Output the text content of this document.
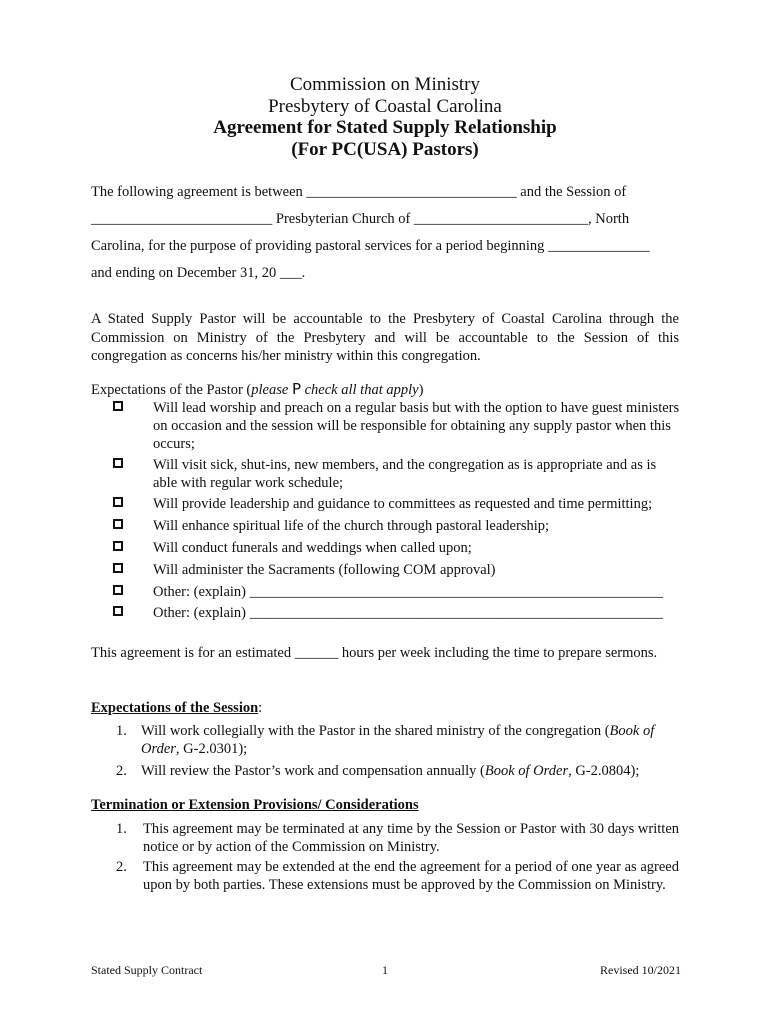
Commission on Ministry
Presbytery of Coastal Carolina
Agreement for Stated Supply Relationship
(For PC(USA) Pastors)
The following agreement is between _____________________________ and the Session of
_________________________ Presbyterian Church of ________________________, North
Carolina, for the purpose of providing pastoral services for a period beginning ______________
and ending on December 31, 20 ___.
A Stated Supply Pastor will be accountable to the Presbytery of Coastal Carolina through the Commission on Ministry of the Presbytery and will be accountable to the Session of this congregation as concerns his/her ministry within this congregation.
Expectations of the Pastor (please P check all that apply)
Will lead worship and preach on a regular basis but with the option to have guest ministers on occasion and the session will be responsible for obtaining any supply pastor when this occurs;
Will visit sick, shut-ins, new members, and the congregation as is appropriate and as is able with regular work schedule;
Will provide leadership and guidance to committees as requested and time permitting;
Will enhance spiritual life of the church through pastoral leadership;
Will conduct funerals and weddings when called upon;
Will administer the Sacraments (following COM approval)
Other: (explain) _________________________________________________________
Other: (explain) _________________________________________________________
This agreement is for an estimated ______ hours per week including the time to prepare sermons.
Expectations of the Session:
1. Will work collegially with the Pastor in the shared ministry of the congregation (Book of Order, G-2.0301);
2. Will review the Pastor’s work and compensation annually (Book of Order, G-2.0804);
Termination or Extension Provisions/ Considerations
1. This agreement may be terminated at any time by the Session or Pastor with 30 days written notice or by action of the Commission on Ministry.
2. This agreement may be extended at the end the agreement for a period of one year as agreed upon by both parties. These extensions must be approved by the Commission on Ministry.
Stated Supply Contract	1	Revised 10/2021
